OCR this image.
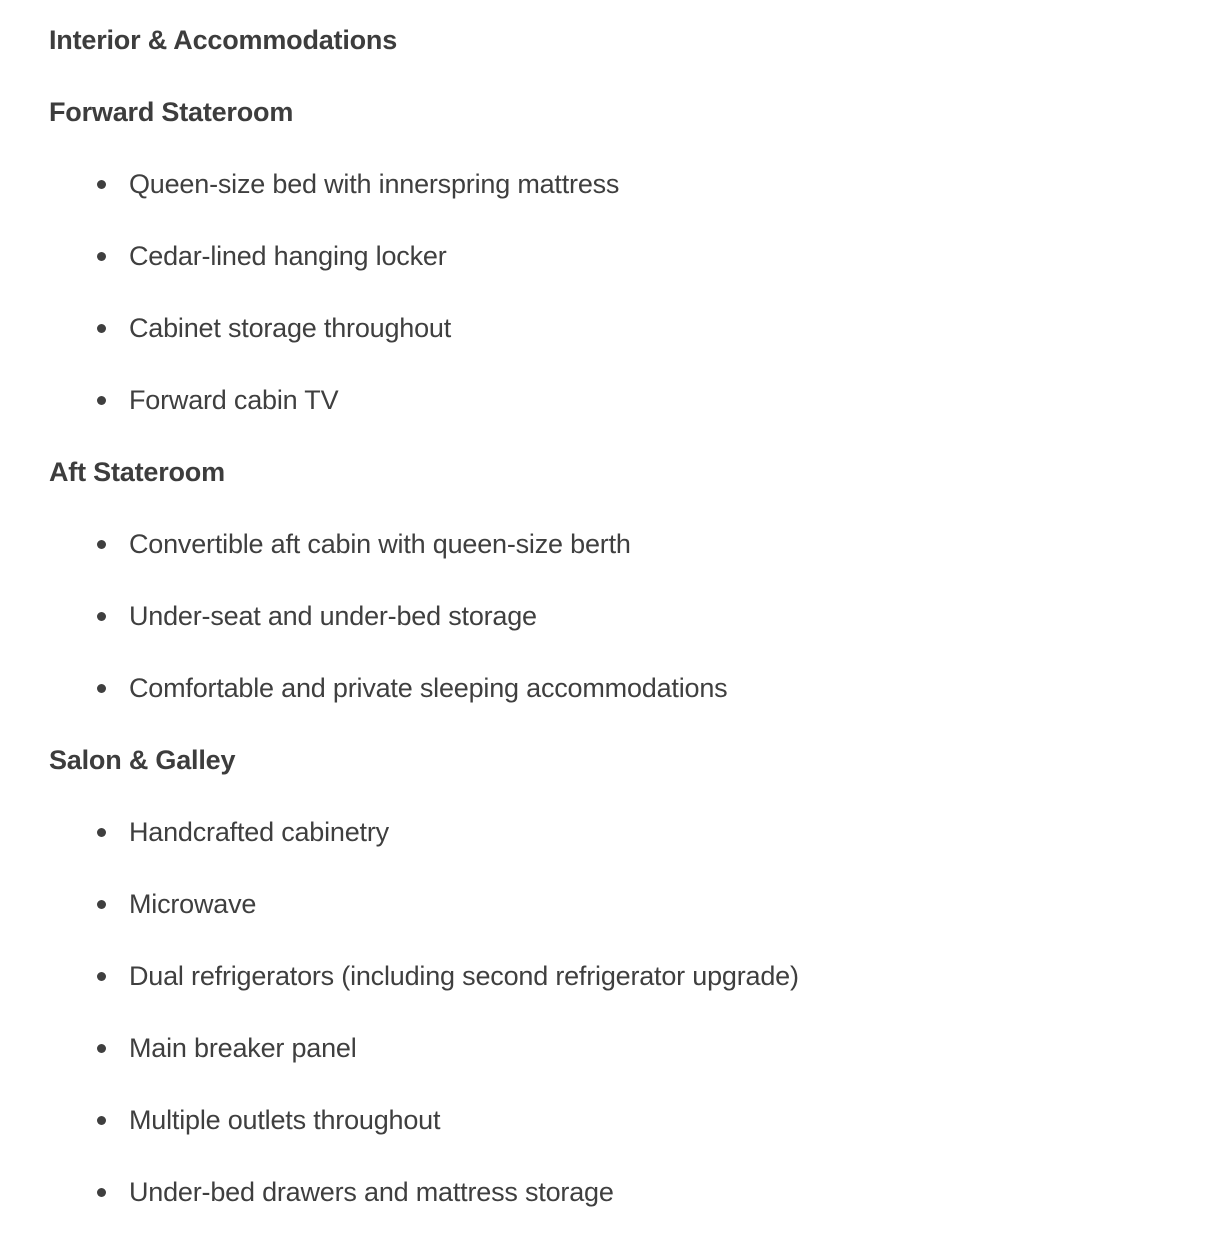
Interior & Accommodations
Forward Stateroom
Queen-size bed with innerspring mattress
Cedar-lined hanging locker
Cabinet storage throughout
Forward cabin TV
Aft Stateroom
Convertible aft cabin with queen-size berth
Under-seat and under-bed storage
Comfortable and private sleeping accommodations
Salon & Galley
Handcrafted cabinetry
Microwave
Dual refrigerators (including second refrigerator upgrade)
Main breaker panel
Multiple outlets throughout
Under-bed drawers and mattress storage
